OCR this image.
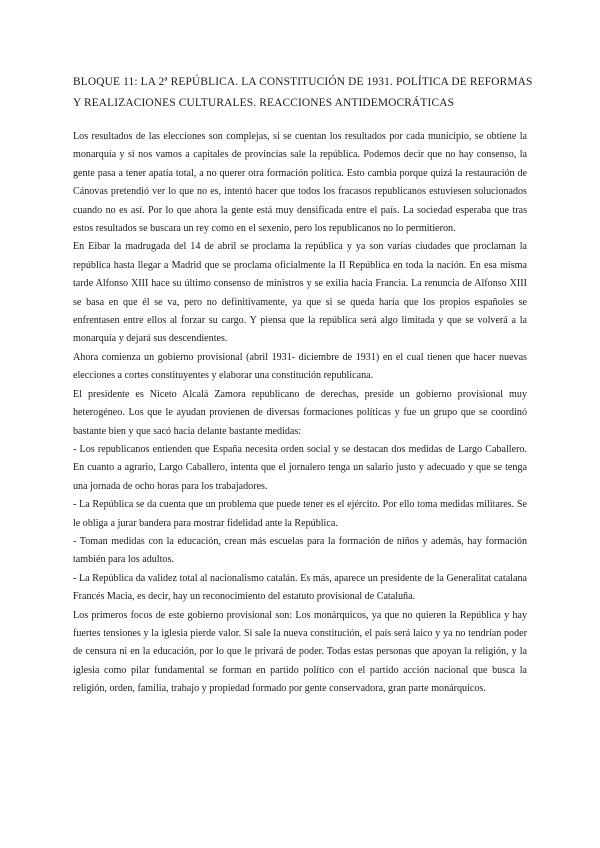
BLOQUE 11: LA 2ª REPÚBLICA. LA CONSTITUCIÓN DE 1931. POLÍTICA DE REFORMAS Y REALIZACIONES CULTURALES. REACCIONES ANTIDEMOCRÁTICAS

Los resultados de las elecciones son complejas, si se cuentan los resultados por cada municipio, se obtiene la monarquía y si nos vamos a capitales de provincias sale la república. Podemos decir que no hay consenso, la gente pasa a tener apatía total, a no querer otra formación política. Esto cambia porque quizá la restauración de Cánovas pretendió ver lo que no es, intentó hacer que todos los fracasos republicanos estuviesen solucionados cuando no es así. Por lo que ahora la gente está muy densificada entre el país. La sociedad esperaba que tras estos resultados se buscara un rey como en el sexenio, pero los republicanos no lo permitieron.

En Eibar la madrugada del 14 de abril se proclama la república y ya son varias ciudades que proclaman la república hasta llegar a Madrid que se proclama oficialmente la II República en toda la nación. En esa misma tarde Alfonso XIII hace su último consenso de ministros y se exilia hacia Francia. La renuncia de Alfonso XIII se basa en que él se va, pero no definitivamente, ya que si se queda haría que los propios españoles se enfrentasen entre ellos al forzar su cargo. Y piensa que la república será algo limitada y que se volverá a la monarquía y dejará sus descendientes.

Ahora comienza un gobierno provisional (abril 1931- diciembre de 1931) en el cual tienen que hacer nuevas elecciones a cortes constituyentes y elaborar una constitución republicana.

El presidente es Niceto Alcalá Zamora republicano de derechas, preside un gobierno provisional muy heterogéneo. Los que le ayudan provienen de diversas formaciones políticas y fue un grupo que se coordinó bastante bien y que sacó hacia delante bastante medidas:

- Los republicanos entienden que España necesita orden social y se destacan dos medidas de Largo Caballero. En cuanto a agrario, Largo Caballero, intenta que el jornalero tenga un salario justo y adecuado y que se tenga una jornada de ocho horas para los trabajadores.

- La República se da cuenta que un problema que puede tener es el ejército. Por ello toma medidas militares. Se le obliga a jurar bandera para mostrar fidelidad ante la República.

- Toman medidas con la educación, crean más escuelas para la formación de niños y además, hay formación también para los adultos.

- La República da validez total al nacionalismo catalán. Es más, aparece un presidente de la Generalitat catalana Francés Macia, es decir, hay un reconocimiento del estatuto provisional de Cataluña.

Los primeros focos de este gobierno provisional son: Los monárquicos, ya que no quieren la República y hay fuertes tensiones y la iglesia pierde valor. Si sale la nueva constitución, el país será laico y ya no tendrían poder de censura ni en la educación, por lo que le privará de poder. Todas estas personas que apoyan la religión, y la iglesia como pilar fundamental se forman en partido político con el partido acción nacional que busca la religión, orden, familia, trabajo y propiedad formado por gente conservadora, gran parte monárquicos.
